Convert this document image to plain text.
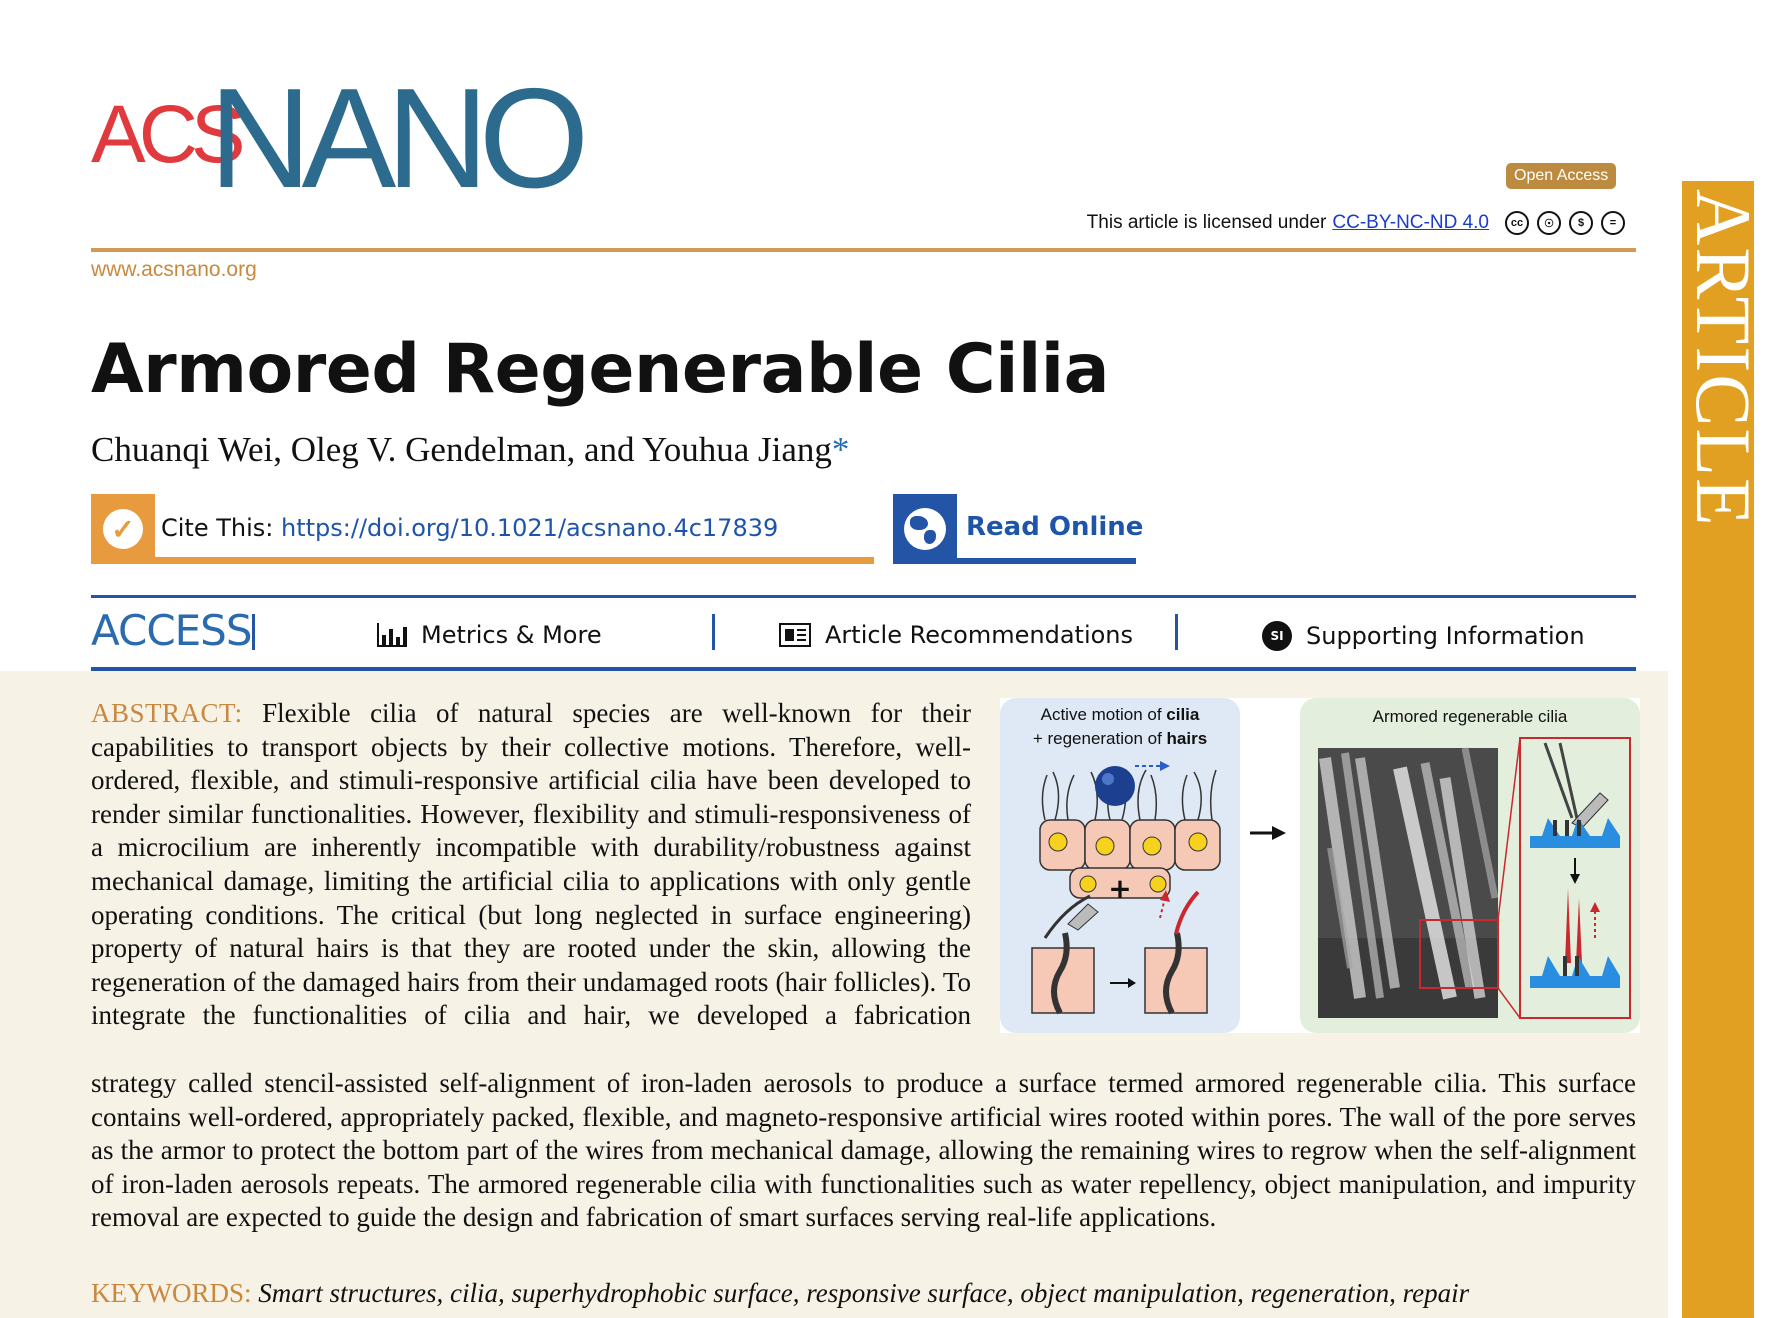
ACS
NANO	Open Access
This article is licensed under CC-BY-NC-ND 4.0	cc	☉	$	=
www.acsnano.org	ARTICLE
Armored Regenerable Cilia
Chuanqi Wei, Oleg V. Gendelman, and Youhua Jiang*
✓	Cite This: https://doi.org/10.1021/acsnano.4c17839	Read Online
ACCESS	Metrics & More	Article Recommendations	SI Supporting Information
ABSTRACT: Flexible cilia of natural species are well-known for their capabilities to transport objects by their collective motions. Therefore, well-ordered, flexible, and stimuli-responsive artificial cilia have been developed to render similar functionalities. However, flexibility and stimuli-responsiveness of a microcilium are inherently incompatible with durability/robustness against mechanical damage, limiting the artificial cilia to applications with only gentle operating conditions. The critical (but long neglected in surface engineering) property of natural hairs is that they are rooted under the skin, allowing the regeneration of the damaged hairs from their undamaged roots (hair follicles). To integrate the functionalities of cilia and hair, we developed a fabrication
strategy called stencil-assisted self-alignment of iron-laden aerosols to produce a surface termed armored regenerable cilia. This surface contains well-ordered, appropriately packed, flexible, and magneto-responsive artificial wires rooted within pores. The wall of the pore serves as the armor to protect the bottom part of the wires from mechanical damage, allowing the remaining wires to regrow when the self-alignment of iron-laden aerosols repeats. The armored regenerable cilia with functionalities such as water repellency, object manipulation, and impurity removal are expected to guide the design and fabrication of smart surfaces serving real-life applications.
KEYWORDS: Smart structures, cilia, superhydrophobic surface, responsive surface, object manipulation, regeneration, repair
Active motion of cilia
+ regeneration of hairs
+
Armored regenerable cilia
